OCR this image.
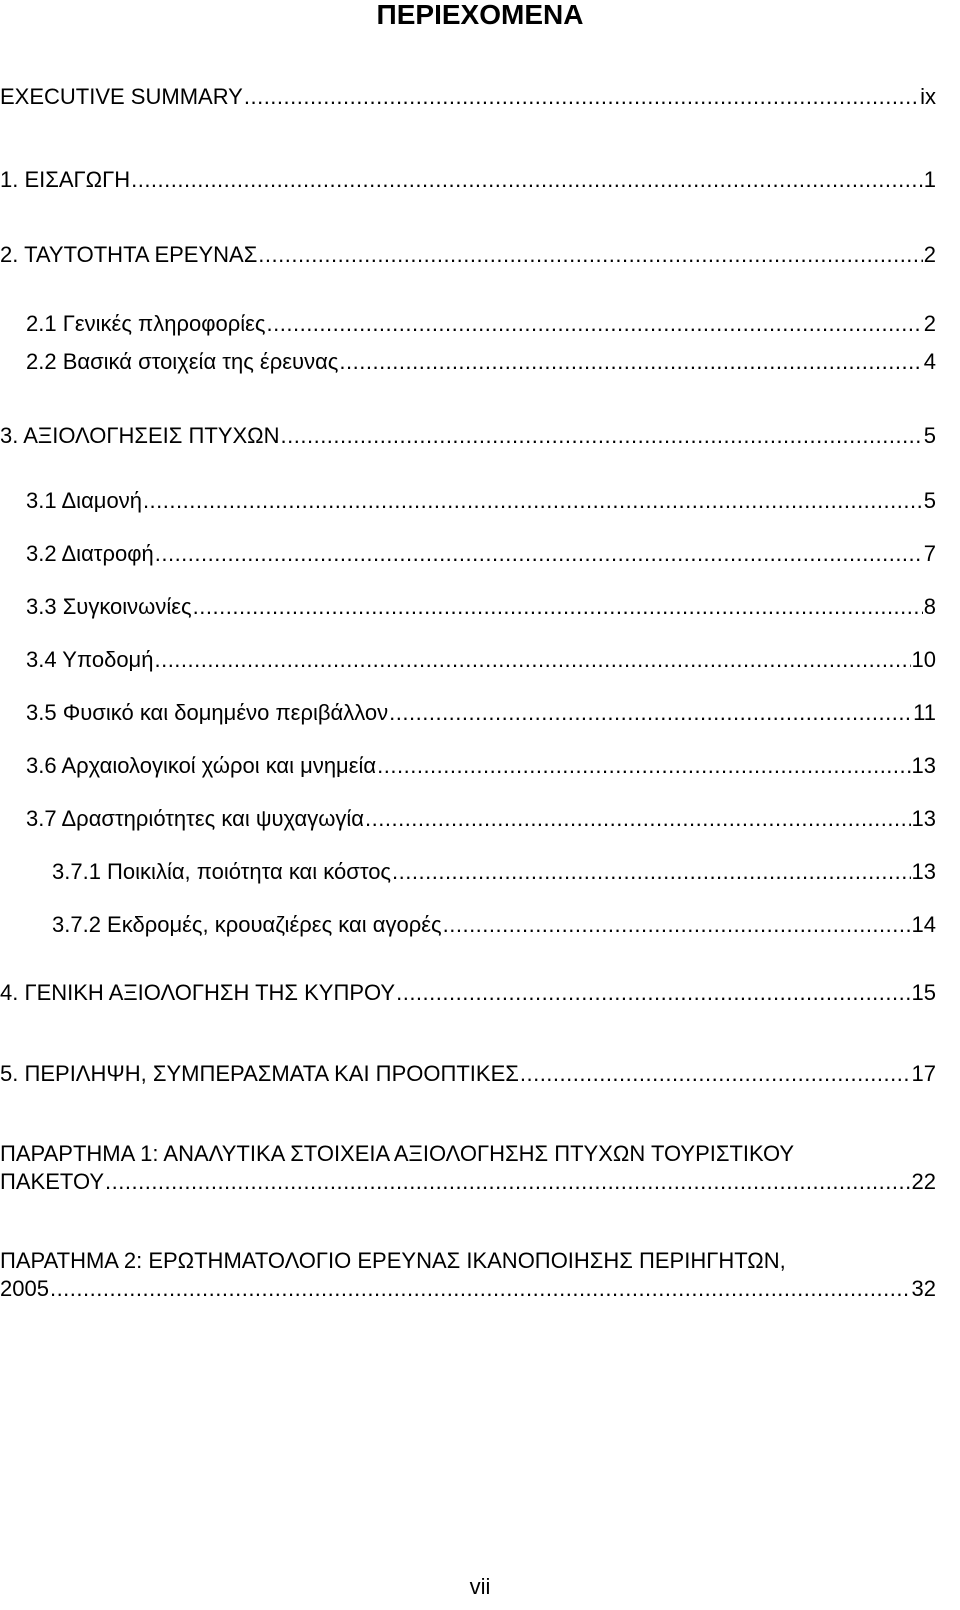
ΠΕΡΙΕΧΟΜΕΝΑ
EXECUTIVE SUMMARY .....	ix
1. ΕΙΣΑΓΩΓΗ .....	1
2. ΤΑΥΤΟΤΗΤΑ ΕΡΕΥΝΑΣ .....	2
2.1 Γενικές πληροφορίες .....	2
2.2 Βασικά στοιχεία της έρευνας .....	4
3. ΑΞΙΟΛΟΓΗΣΕΙΣ ΠΤΥΧΩΝ .....	5
3.1 Διαμονή .....	5
3.2 Διατροφή .....	7
3.3 Συγκοινωνίες .....	8
3.4 Υποδομή .....	10
3.5 Φυσικό και δομημένο περιβάλλον .....	11
3.6 Αρχαιολογικοί χώροι και μνημεία .....	13
3.7 Δραστηριότητες και ψυχαγωγία .....	13
3.7.1 Ποικιλία, ποιότητα και κόστος .....	13
3.7.2 Εκδρομές, κρουαζιέρες και αγορές .....	14
4. ΓΕΝΙΚΗ ΑΞΙΟΛΟΓΗΣΗ ΤΗΣ ΚΥΠΡΟΥ .....	15
5. ΠΕΡΙΛΗΨΗ, ΣΥΜΠΕΡΑΣΜΑΤΑ ΚΑΙ ΠΡΟΟΠΤΙΚΕΣ .....	17
ΠΑΡΑΡΤΗΜΑ 1: ΑΝΑΛΥΤΙΚΑ ΣΤΟΙΧΕΙΑ ΑΞΙΟΛΟΓΗΣΗΣ ΠΤΥΧΩΝ ΤΟΥΡΙΣΤΙΚΟΥ
ΠΑΚΕΤΟΥ .....	22
ΠΑΡΑΤΗΜΑ 2: ΕΡΩΤΗΜΑΤΟΛΟΓΙΟ ΕΡΕΥΝΑΣ ΙΚΑΝΟΠΟΙΗΣΗΣ ΠΕΡΙΗΓΗΤΩΝ,
2005 .....	32
vii
